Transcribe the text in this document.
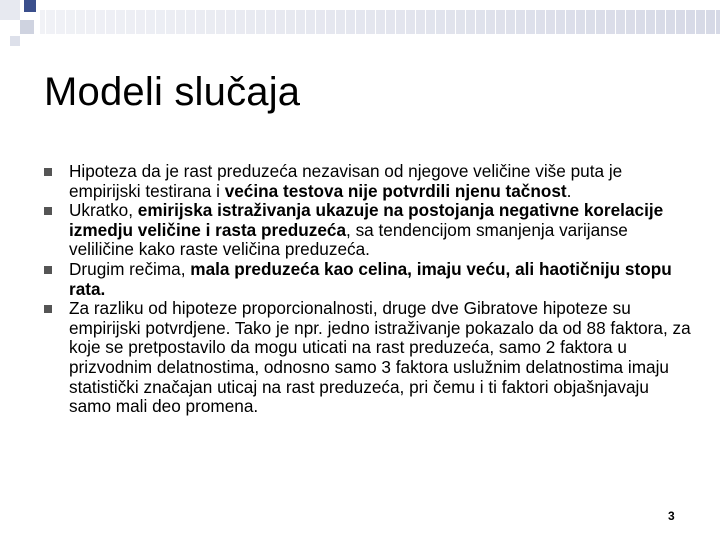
Modeli slučaja
Hipoteza da je rast preduzeća nezavisan od njegove veličine više puta je empirijski testirana i većina testova nije potvrdili njenu tačnost.
Ukratko, emirijska istraživanja ukazuje na postojanja negativne korelacije izmedju veličine i rasta preduzeća, sa tendencijom smanjenja varijanse veliličine kako raste veličina preduzeća.
Drugim rečima, mala preduzeća kao celina, imaju veću, ali haotičniju stopu rata.
Za razliku od hipoteze proporcionalnosti, druge dve Gibratove hipoteze su empirijski potvrdjene. Tako je npr. jedno istraživanje pokazalo da od 88 faktora, za koje se pretpostavilo da mogu uticati na rast preduzeća, samo 2 faktora u prizvodnim delatnostima, odnosno samo 3 faktora uslužnim delatnostima imaju statistički značajan uticaj na rast preduzeća, pri čemu i ti faktori objašnjavaju samo mali deo promena.
3
